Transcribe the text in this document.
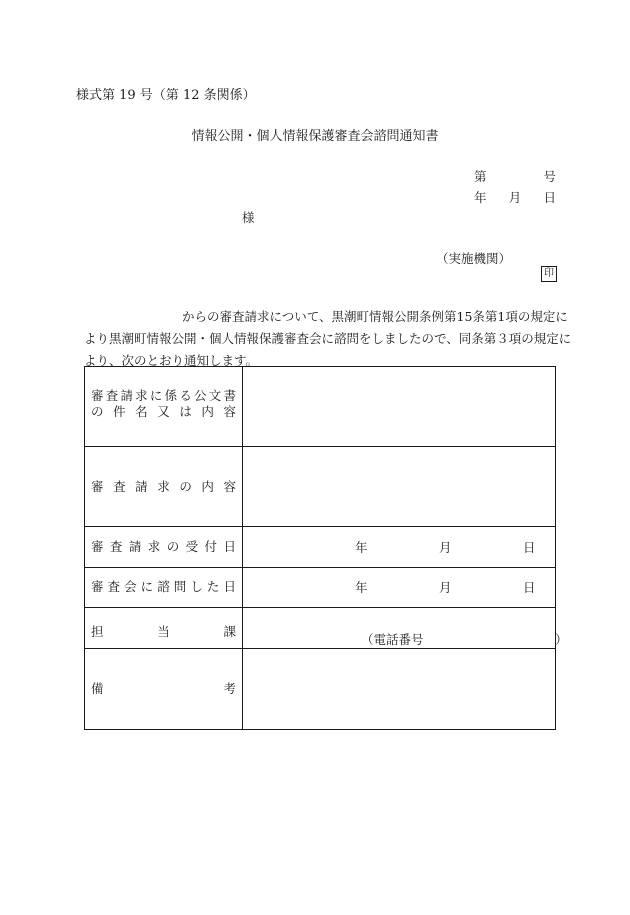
様式第 19 号（第 12 条関係）
情報公開・個人情報保護審査会諮問通知書
第	号
年 月 日
様
（実施機関）
印
からの審査請求について、黒潮町情報公開条例第15条第1項の規定に
より黒潮町情報公開・個人情報保護審査会に諮問をしましたので、同条第３項の規定に
より、次のとおり通知します。
審査請求に係る公文書
の件名又は内容	

審査請求の内容	

審査請求の受付日	年 月 日

審査会に諮問した日	年 月 日

担当課	（電話番号 ）

備考	
